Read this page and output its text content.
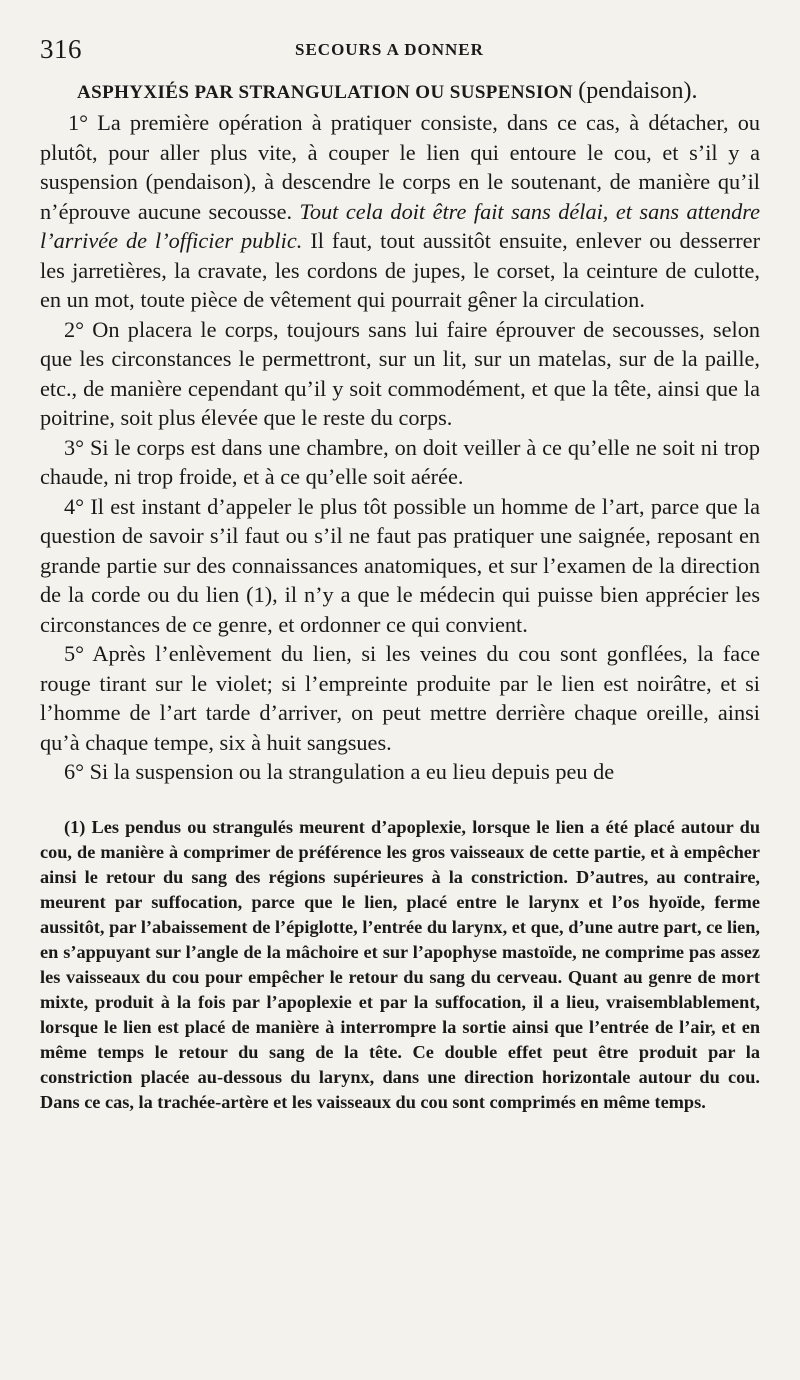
316	SECOURS A DONNER
ASPHYXIÉS PAR STRANGULATION OU SUSPENSION (pendaison).

1° La première opération à pratiquer consiste, dans ce cas, à détacher, ou plutôt, pour aller plus vite, à couper le lien qui entoure le cou, et s’il y a suspension (pendaison), à descendre le corps en le soutenant, de manière qu’il n’éprouve aucune secousse. Tout cela doit être fait sans délai, et sans attendre l’arrivée de l’officier public. Il faut, tout aussitôt ensuite, enlever ou desserrer les jarretières, la cravate, les cordons de jupes, le corset, la ceinture de culotte, en un mot, toute pièce de vêtement qui pourrait gêner la circulation.

2° On placera le corps, toujours sans lui faire éprouver de secousses, selon que les circonstances le permettront, sur un lit, sur un matelas, sur de la paille, etc., de manière cependant qu’il y soit commodément, et que la tête, ainsi que la poitrine, soit plus élevée que le reste du corps.

3° Si le corps est dans une chambre, on doit veiller à ce qu’elle ne soit ni trop chaude, ni trop froide, et à ce qu’elle soit aérée.

4° Il est instant d’appeler le plus tôt possible un homme de l’art, parce que la question de savoir s’il faut ou s’il ne faut pas pratiquer une saignée, reposant en grande partie sur des connaissances anatomiques, et sur l’examen de la direction de la corde ou du lien (1), il n’y a que le médecin qui puisse bien apprécier les circonstances de ce genre, et ordonner ce qui convient.

5° Après l’enlèvement du lien, si les veines du cou sont gonflées, la face rouge tirant sur le violet; si l’empreinte produite par le lien est noirâtre, et si l’homme de l’art tarde d’arriver, on peut mettre derrière chaque oreille, ainsi qu’à chaque tempe, six à huit sangsues.

6° Si la suspension ou la strangulation a eu lieu depuis peu de

(1) Les pendus ou strangulés meurent d’apoplexie, lorsque le lien a été placé autour du cou, de manière à comprimer de préférence les gros vaisseaux de cette partie, et à empêcher ainsi le retour du sang des régions supérieures à la constriction. D’autres, au contraire, meurent par suffocation, parce que le lien, placé entre le larynx et l’os hyoïde, ferme aussitôt, par l’abaissement de l’épiglotte, l’entrée du larynx, et que, d’une autre part, ce lien, en s’appuyant sur l’angle de la mâchoire et sur l’apophyse mastoïde, ne comprime pas assez les vaisseaux du cou pour empêcher le retour du sang du cerveau. Quant au genre de mort mixte, produit à la fois par l’apoplexie et par la suffocation, il a lieu, vraisemblablement, lorsque le lien est placé de manière à interrompre la sortie ainsi que l’entrée de l’air, et en même temps le retour du sang de la tête. Ce double effet peut être produit par la constriction placée au-dessous du larynx, dans une direction horizontale autour du cou. Dans ce cas, la trachée-artère et les vaisseaux du cou sont comprimés en même temps.
